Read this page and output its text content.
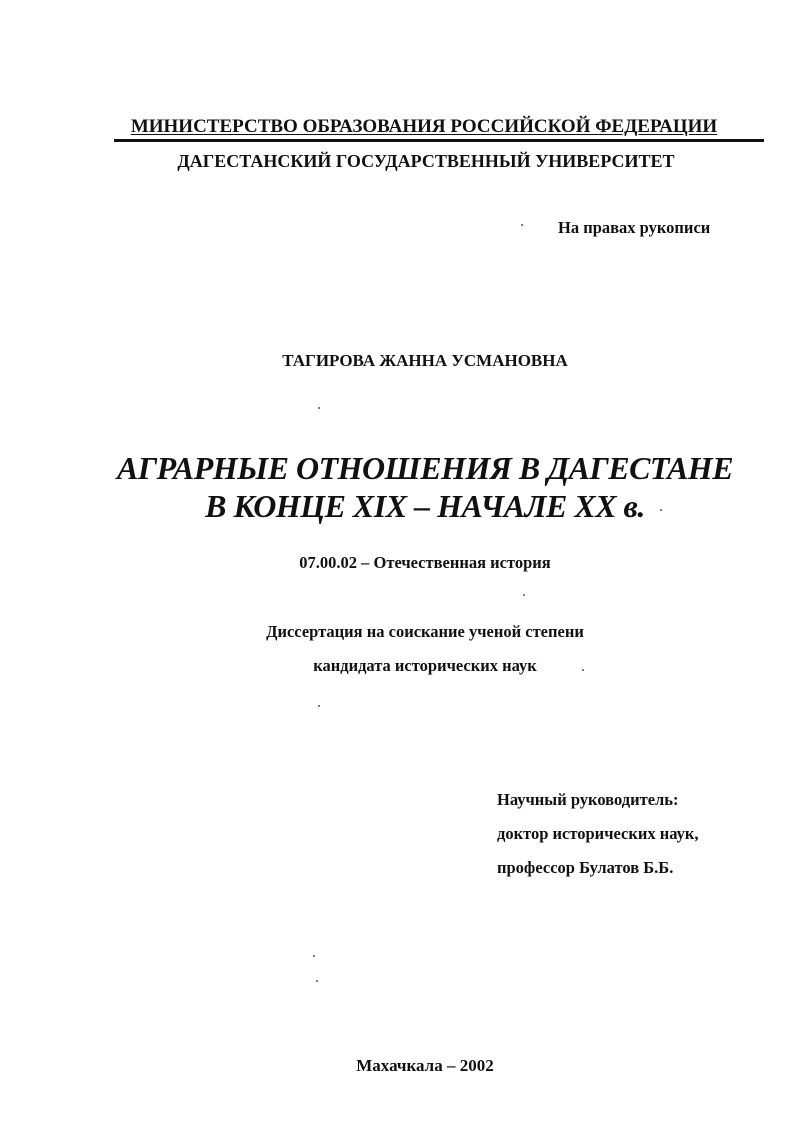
МИНИСТЕРСТВО ОБРАЗОВАНИЯ РОССИЙСКОЙ ФЕДЕРАЦИИ
ДАГЕСТАНСКИЙ ГОСУДАРСТВЕННЫЙ УНИВЕРСИТЕТ
На правах рукописи
ТАГИРОВА ЖАННА УСМАНОВНА
АГРАРНЫЕ ОТНОШЕНИЯ В ДАГЕСТАНЕ
В КОНЦЕ XIX – НАЧАЛЕ XX в.
07.00.02 – Отечественная история
Диссертация на соискание ученой степени
кандидата исторических наук
Научный руководитель:
доктор исторических наук,
профессор Булатов Б.Б.
Махачкала – 2002
